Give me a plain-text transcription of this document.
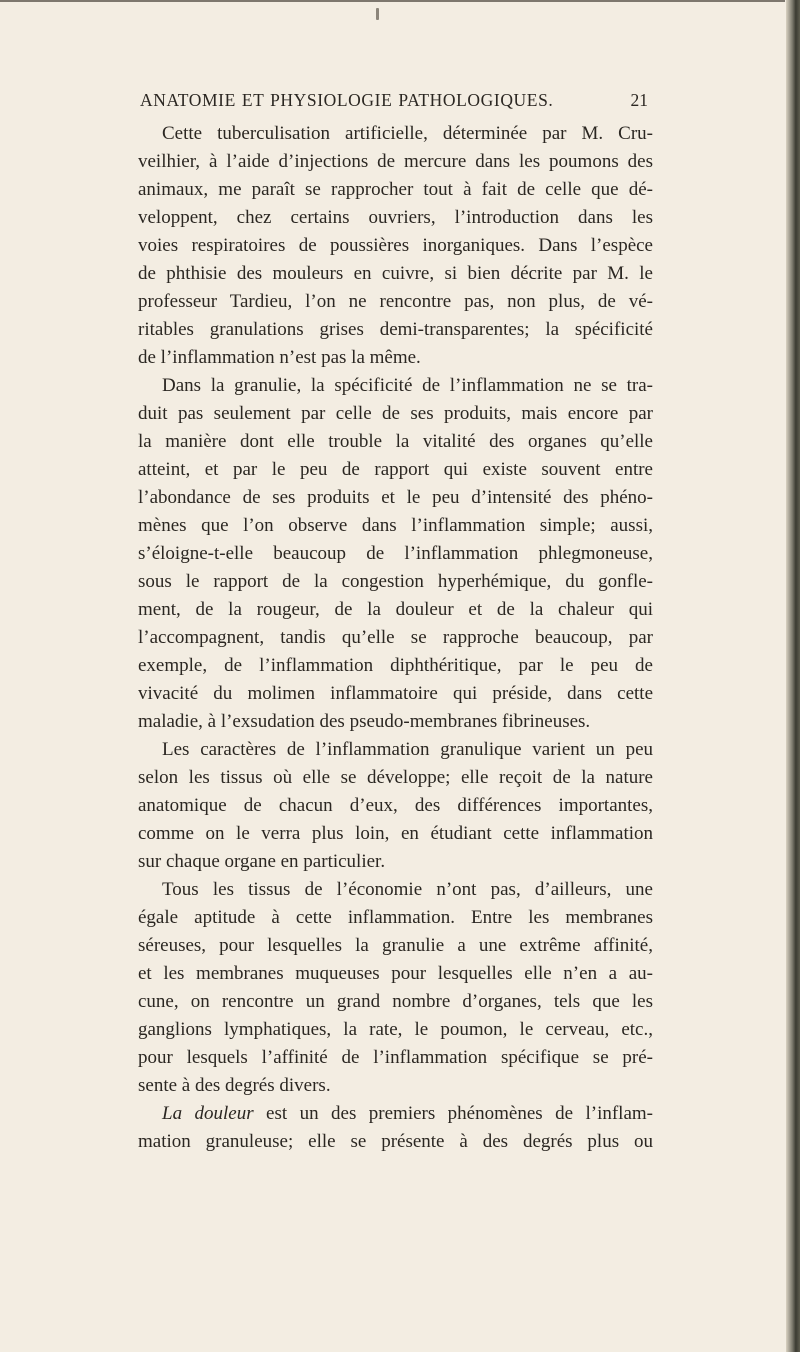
ANATOMIE ET PHYSIOLOGIE PATHOLOGIQUES.	21
Cette tuberculisation artificielle, déterminée par M. Cru-
veilhier, à l’aide d’injections de mercure dans les poumons des
animaux, me paraît se rapprocher tout à fait de celle que dé-
veloppent, chez certains ouvriers, l’introduction dans les
voies respiratoires de poussières inorganiques. Dans l’espèce
de phthisie des mouleurs en cuivre, si bien décrite par M. le
professeur Tardieu, l’on ne rencontre pas, non plus, de vé-
ritables granulations grises demi-transparentes; la spécificité
de l’inflammation n’est pas la même.
Dans la granulie, la spécificité de l’inflammation ne se tra-
duit pas seulement par celle de ses produits, mais encore par
la manière dont elle trouble la vitalité des organes qu’elle
atteint, et par le peu de rapport qui existe souvent entre
l’abondance de ses produits et le peu d’intensité des phéno-
mènes que l’on observe dans l’inflammation simple; aussi,
s’éloigne-t-elle beaucoup de l’inflammation phlegmoneuse,
sous le rapport de la congestion hyperhémique, du gonfle-
ment, de la rougeur, de la douleur et de la chaleur qui
l’accompagnent, tandis qu’elle se rapproche beaucoup, par
exemple, de l’inflammation diphthéritique, par le peu de
vivacité du molimen inflammatoire qui préside, dans cette
maladie, à l’exsudation des pseudo-membranes fibrineuses.
Les caractères de l’inflammation granulique varient un peu
selon les tissus où elle se développe; elle reçoit de la nature
anatomique de chacun d’eux, des différences importantes,
comme on le verra plus loin, en étudiant cette inflammation
sur chaque organe en particulier.
Tous les tissus de l’économie n’ont pas, d’ailleurs, une
égale aptitude à cette inflammation. Entre les membranes
séreuses, pour lesquelles la granulie a une extrême affinité,
et les membranes muqueuses pour lesquelles elle n’en a au-
cune, on rencontre un grand nombre d’organes, tels que les
ganglions lymphatiques, la rate, le poumon, le cerveau, etc.,
pour lesquels l’affinité de l’inflammation spécifique se pré-
sente à des degrés divers.
La douleur est un des premiers phénomènes de l’inflam-
mation granuleuse; elle se présente à des degrés plus ou
